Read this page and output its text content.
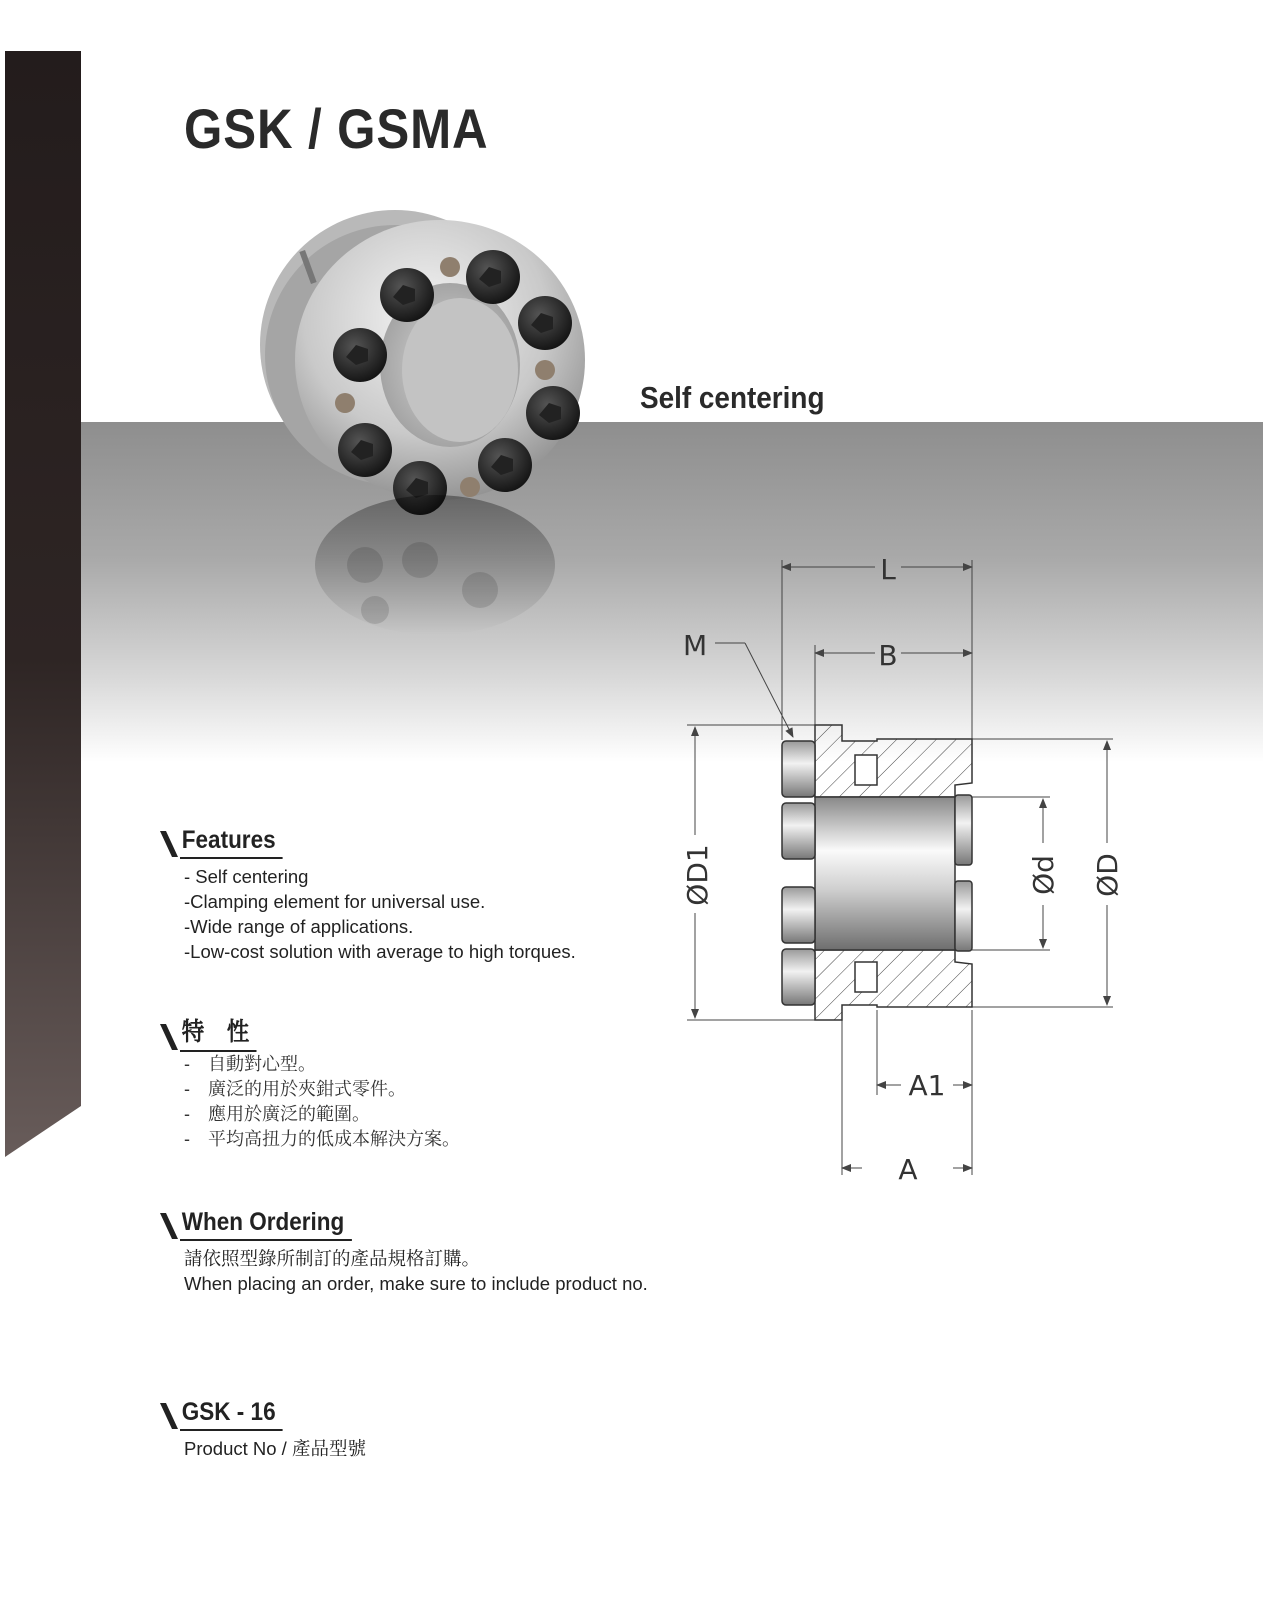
GSK / GSMA
Self centering
Features
- Self centering
-Clamping element for universal use.
-Wide range of applications.
-Low-cost solution with average to high torques.
特　性
-　自動對心型。
-　廣泛的用於夾鉗式零件。
-　應用於廣泛的範圍。
-　平均高扭力的低成本解決方案。
When Ordering
請依照型錄所制訂的產品規格訂購。
When placing an order, make sure to include product no.
GSK - 16
Product No / 產品型號
L
B
M
ØD1	Ød ØD
A1
A
